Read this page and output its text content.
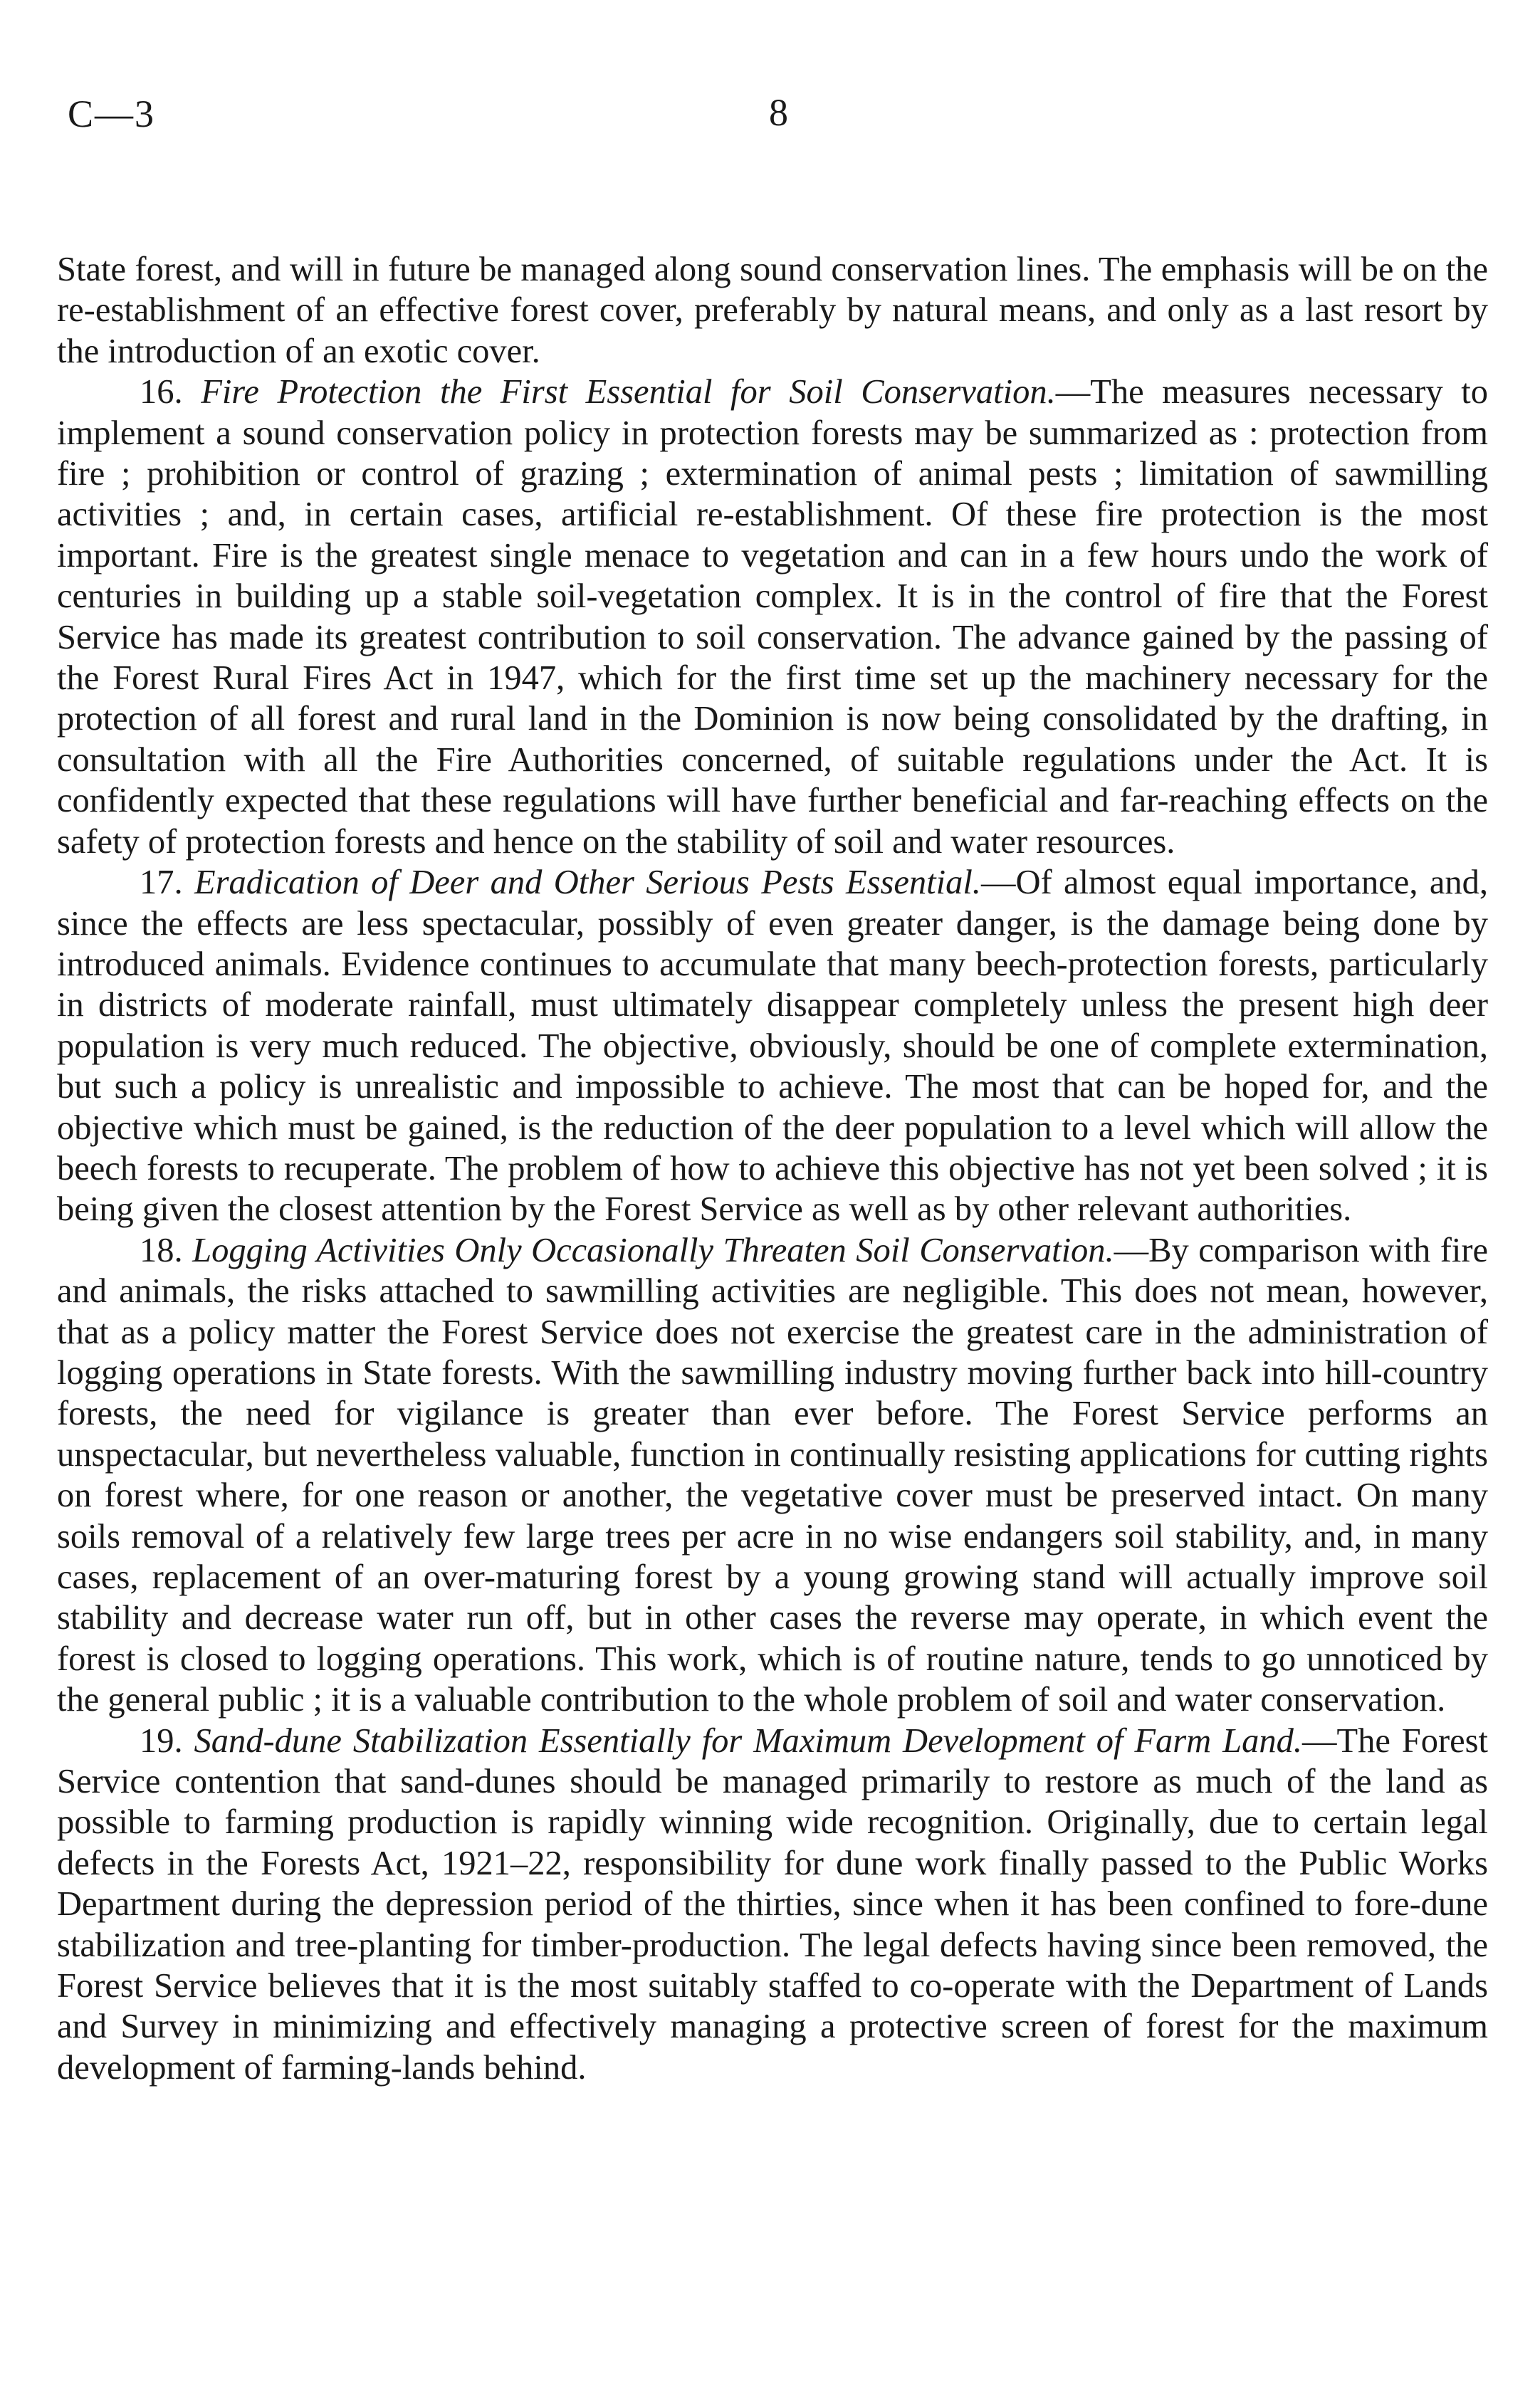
C—3	8

State forest, and will in future be managed along sound conservation lines. The emphasis will be on the re-establishment of an effective forest cover, preferably by natural means, and only as a last resort by the introduction of an exotic cover.

16. Fire Protection the First Essential for Soil Conservation.—The measures necessary to implement a sound conservation policy in protection forests may be summarized as : protection from fire ; prohibition or control of grazing ; extermination of animal pests ; limitation of sawmilling activities ; and, in certain cases, artificial re-establishment. Of these fire protection is the most important. Fire is the greatest single menace to vegetation and can in a few hours undo the work of centuries in building up a stable soil-vegetation complex. It is in the control of fire that the Forest Service has made its greatest contribution to soil conservation. The advance gained by the passing of the Forest Rural Fires Act in 1947, which for the first time set up the machinery necessary for the protection of all forest and rural land in the Dominion is now being consolidated by the drafting, in consultation with all the Fire Authorities concerned, of suitable regulations under the Act. It is confidently expected that these regulations will have further beneficial and far-reaching effects on the safety of protection forests and hence on the stability of soil and water resources.

17. Eradication of Deer and Other Serious Pests Essential.—Of almost equal importance, and, since the effects are less spectacular, possibly of even greater danger, is the damage being done by introduced animals. Evidence continues to accumulate that many beech-protection forests, particularly in districts of moderate rainfall, must ultimately disappear completely unless the present high deer population is very much reduced. The objective, obviously, should be one of complete extermination, but such a policy is unrealistic and impossible to achieve. The most that can be hoped for, and the objective which must be gained, is the reduction of the deer population to a level which will allow the beech forests to recuperate. The problem of how to achieve this objective has not yet been solved ; it is being given the closest attention by the Forest Service as well as by other relevant authorities.

18. Logging Activities Only Occasionally Threaten Soil Conservation.—By comparison with fire and animals, the risks attached to sawmilling activities are negligible. This does not mean, however, that as a policy matter the Forest Service does not exercise the greatest care in the administration of logging operations in State forests. With the sawmilling industry moving further back into hill-country forests, the need for vigilance is greater than ever before. The Forest Service performs an unspectacular, but nevertheless valuable, function in continually resisting applications for cutting rights on forest where, for one reason or another, the vegetative cover must be preserved intact. On many soils removal of a relatively few large trees per acre in no wise endangers soil stability, and, in many cases, replacement of an over-maturing forest by a young growing stand will actually improve soil stability and decrease water run off, but in other cases the reverse may operate, in which event the forest is closed to logging operations. This work, which is of routine nature, tends to go unnoticed by the general public ; it is a valuable contribution to the whole problem of soil and water conservation.

19. Sand-dune Stabilization Essentially for Maximum Development of Farm Land.—The Forest Service contention that sand-dunes should be managed primarily to restore as much of the land as possible to farming production is rapidly winning wide recognition. Originally, due to certain legal defects in the Forests Act, 1921–22, responsibility for dune work finally passed to the Public Works Department during the depression period of the thirties, since when it has been confined to fore-dune stabilization and tree-planting for timber-production. The legal defects having since been removed, the Forest Service believes that it is the most suitably staffed to co-operate with the Department of Lands and Survey in minimizing and effectively managing a protective screen of forest for the maximum development of farming-lands behind.
